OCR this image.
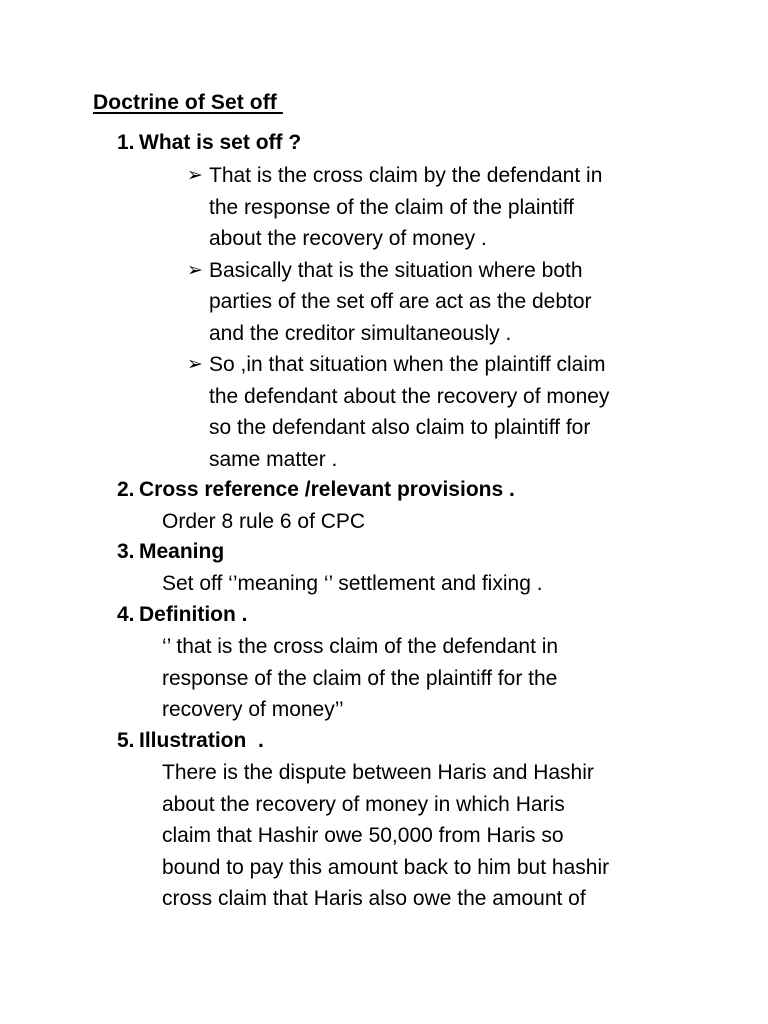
Doctrine of Set off
1. What is set off ?
➢ That is the cross claim by the defendant in
the response of the claim of the plaintiff
about the recovery of money .
➢ Basically that is the situation where both
parties of the set off are act as the debtor
and the creditor simultaneously .
➢ So ,in that situation when the plaintiff claim
the defendant about the recovery of money
so the defendant also claim to plaintiff for
same matter .
2. Cross reference /relevant provisions .
Order 8 rule 6 of CPC
3. Meaning
Set off ‘’meaning ‘’ settlement and fixing .
4. Definition .
‘’ that is the cross claim of the defendant in
response of the claim of the plaintiff for the
recovery of money’’
5. Illustration  .
There is the dispute between Haris and Hashir
about the recovery of money in which Haris
claim that Hashir owe 50,000 from Haris so
bound to pay this amount back to him but hashir
cross claim that Haris also owe the amount of
